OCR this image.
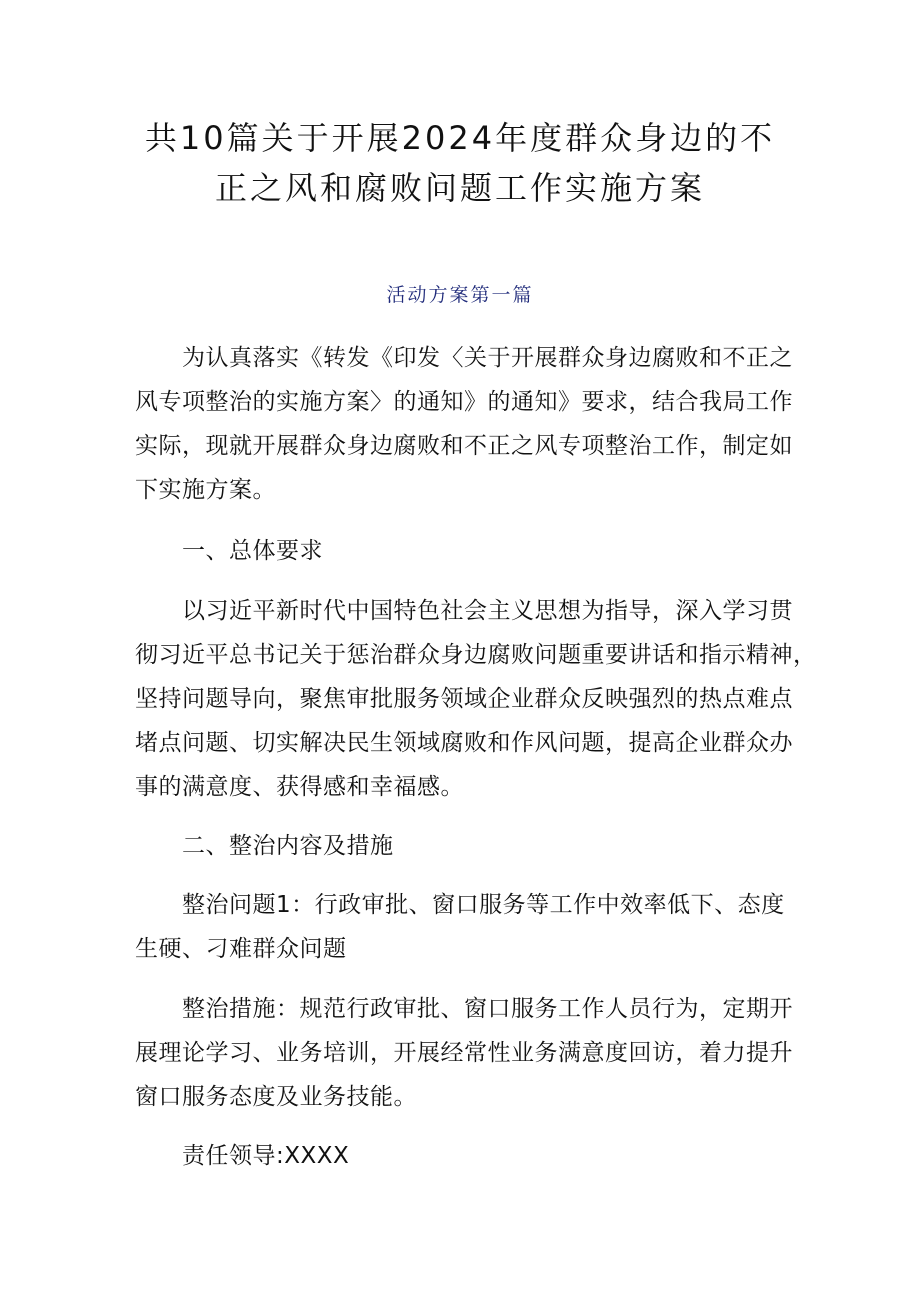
共10篇关于开展2024年度群众身边的不
正之风和腐败问题工作实施方案
活动方案第一篇
为认真落实《转发《印发〈关于开展群众身边腐败和不正之
风专项整治的实施方案〉的通知》的通知》要求，结合我局工作
实际，现就开展群众身边腐败和不正之风专项整治工作，制定如
下实施方案。
一、总体要求
以习近平新时代中国特色社会主义思想为指导，深入学习贯
彻习近平总书记关于惩治群众身边腐败问题重要讲话和指示精神，
坚持问题导向，聚焦审批服务领域企业群众反映强烈的热点难点
堵点问题、切实解决民生领域腐败和作风问题，提高企业群众办
事的满意度、获得感和幸福感。
二、整治内容及措施
整治问题1：行政审批、窗口服务等工作中效率低下、态度
生硬、刁难群众问题
整治措施：规范行政审批、窗口服务工作人员行为，定期开
展理论学习、业务培训，开展经常性业务满意度回访，着力提升
窗口服务态度及业务技能。
责任领导:XXXX
